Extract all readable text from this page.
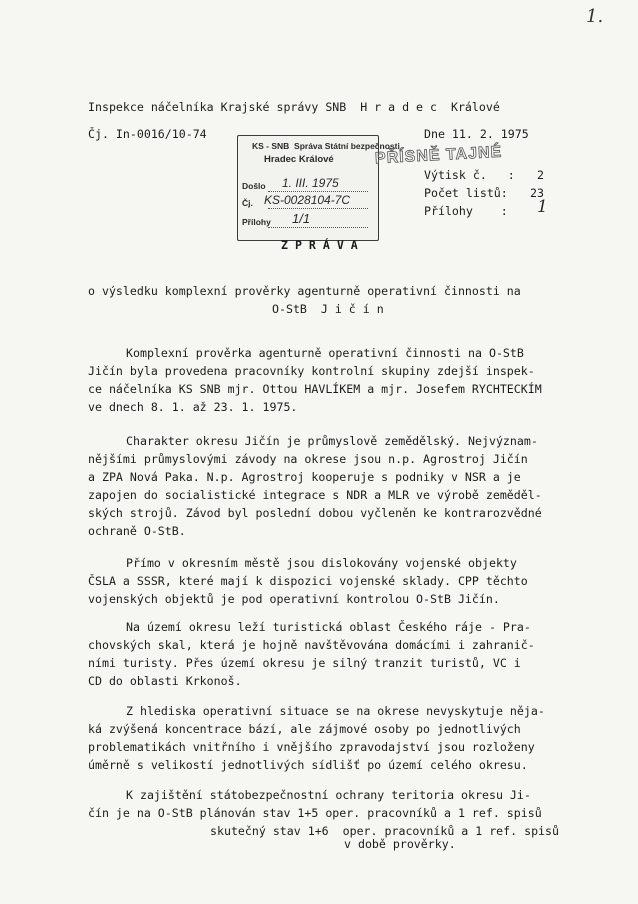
1.
Inspekce náčelníka Krajské správy SNB  H r a d e c  Králové
Čj. In-0016/10-74	Dne 11. 2. 1975
KS - SNB  Správa Státní bezpečnosti
Hradec Králové
Došlo 1. III. 1975
Čj. KS-0028104-7C
Přílohy 1/1
PŘÍSNĚ TAJNÉ
Výtisk č.   : 2
Počet listů: 23
Přílohy    : 1
Z P R Á V A
o výsledku komplexní prověrky agenturně operativní činnosti na
O-StB  J i č í n
Komplexní prověrka agenturně operativní činnosti na O-StB
Jičín byla provedena pracovníky kontrolní skupiny zdejší inspek-
ce náčelníka KS SNB mjr. Ottou HAVLÍKEM a mjr. Josefem RYCHTECKÍM
ve dnech 8. 1. až 23. 1. 1975.
Charakter okresu Jičín je průmyslově zemědělský. Nejvýznam-
nějšími průmyslovými závody na okrese jsou n.p. Agrostroj Jičín
a ZPA Nová Paka. N.p. Agrostroj kooperuje s podniky v NSR a je
zapojen do socialistické integrace s NDR a MLR ve výrobě zeměděl-
ských strojů. Závod byl poslední dobou vyčleněn ke kontrarozvědné
ochraně O-StB.
Přímo v okresním městě jsou dislokovány vojenské objekty
ČSLA a SSSR, které mají k dispozici vojenské sklady. CPP těchto
vojenských objektů je pod operativní kontrolou O-StB Jičín.
Na území okresu leží turistická oblast Českého ráje - Pra-
chovských skal, která je hojně navštěvována domácími i zahranič-
ními turisty. Přes území okresu je silný tranzit turistů, VC i
CD do oblasti Krkonoš.
Z hlediska operativní situace se na okrese nevyskytuje něja-
ká zvýšená koncentrace bází, ale zájmové osoby po jednotlivých
problematikách vnitřního i vnějšího zpravodajství jsou rozloženy
úměrně s velikostí jednotlivých sídlišť po území celého okresu.
K zajištění státobezpečnostní ochrany teritoria okresu Ji-
čín je na O-StB plánován stav 1+5 oper. pracovníků a 1 ref. spisů
skutečný stav 1+6  oper. pracovníků a 1 ref. spisů
v době prověrky.
